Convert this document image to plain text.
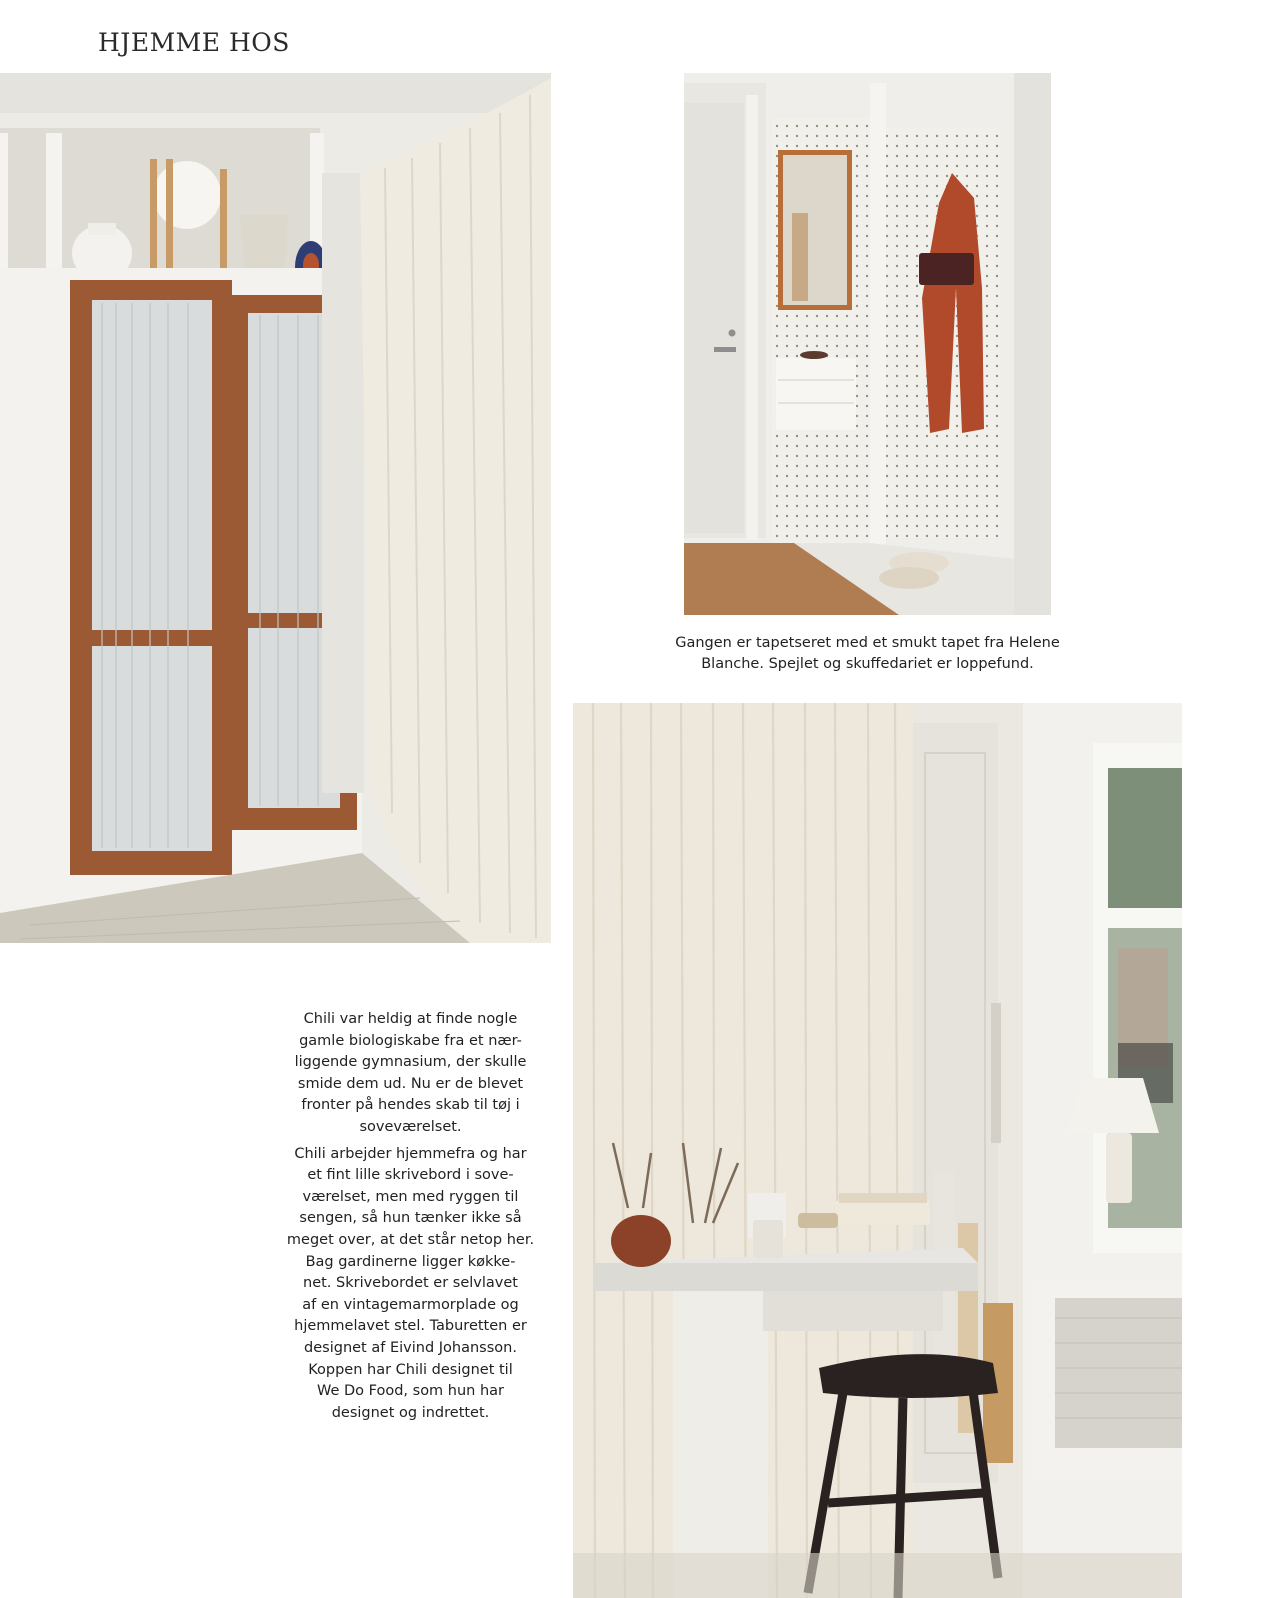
HJEMME HOS
Gangen er tapetseret med et smukt tapet fra Helene
Blanche. Spejlet og skuffedariet er loppefund.

Chili var heldig at finde nogle
gamle biologiskabe fra et nær-
liggende gymnasium, der skulle
smide dem ud. Nu er de blevet
fronter på hendes skab til tøj i
soveværelset.

Chili arbejder hjemmefra og har
et fint lille skrivebord i sove-
værelset, men med ryggen til
sengen, så hun tænker ikke så
meget over, at det står netop her.
Bag gardinerne ligger køkke-
net. Skrivebordet er selvlavet
af en vintagemarmorplade og
hjemmelavet stel. Taburetten er
designet af Eivind Johansson.
Koppen har Chili designet til
We Do Food, som hun har
designet og indrettet.
